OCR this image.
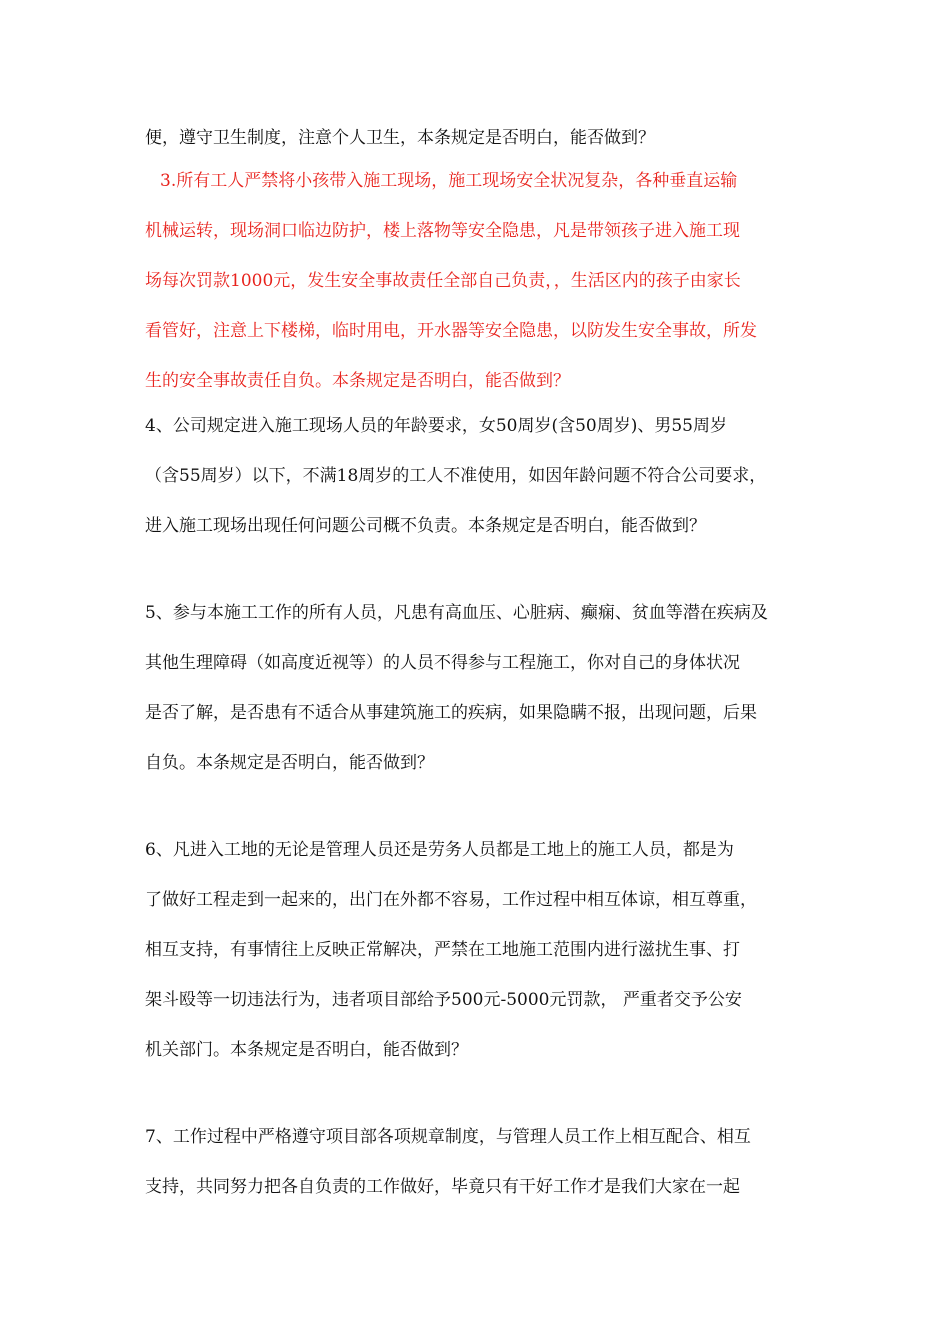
便，遵守卫生制度，注意个人卫生，本条规定是否明白，能否做到？
3.所有工人严禁将小孩带入施工现场，施工现场安全状况复杂，各种垂直运输
机械运转，现场洞口临边防护，楼上落物等安全隐患，凡是带领孩子进入施工现
场每次罚款1000元，发生安全事故责任全部自己负责，，生活区内的孩子由家长
看管好，注意上下楼梯，临时用电，开水器等安全隐患，以防发生安全事故，所发
生的安全事故责任自负。本条规定是否明白，能否做到？
4、公司规定进入施工现场人员的年龄要求，女50周岁(含50周岁)、男55周岁
（含55周岁）以下，不满18周岁的工人不准使用，如因年龄问题不符合公司要求，
进入施工现场出现任何问题公司概不负责。本条规定是否明白，能否做到？
5、参与本施工工作的所有人员，凡患有高血压、心脏病、癫痫、贫血等潜在疾病及
其他生理障碍（如高度近视等）的人员不得参与工程施工，你对自己的身体状况
是否了解，是否患有不适合从事建筑施工的疾病，如果隐瞒不报，出现问题，后果
自负。本条规定是否明白，能否做到？
6、凡进入工地的无论是管理人员还是劳务人员都是工地上的施工人员，都是为
了做好工程走到一起来的，出门在外都不容易，工作过程中相互体谅，相互尊重，
相互支持，有事情往上反映正常解决，严禁在工地施工范围内进行滋扰生事、打
架斗殴等一切违法行为，违者项目部给予500元-5000元罚款， 严重者交予公安
机关部门。本条规定是否明白，能否做到？
7、工作过程中严格遵守项目部各项规章制度，与管理人员工作上相互配合、相互
支持，共同努力把各自负责的工作做好，毕竟只有干好工作才是我们大家在一起
